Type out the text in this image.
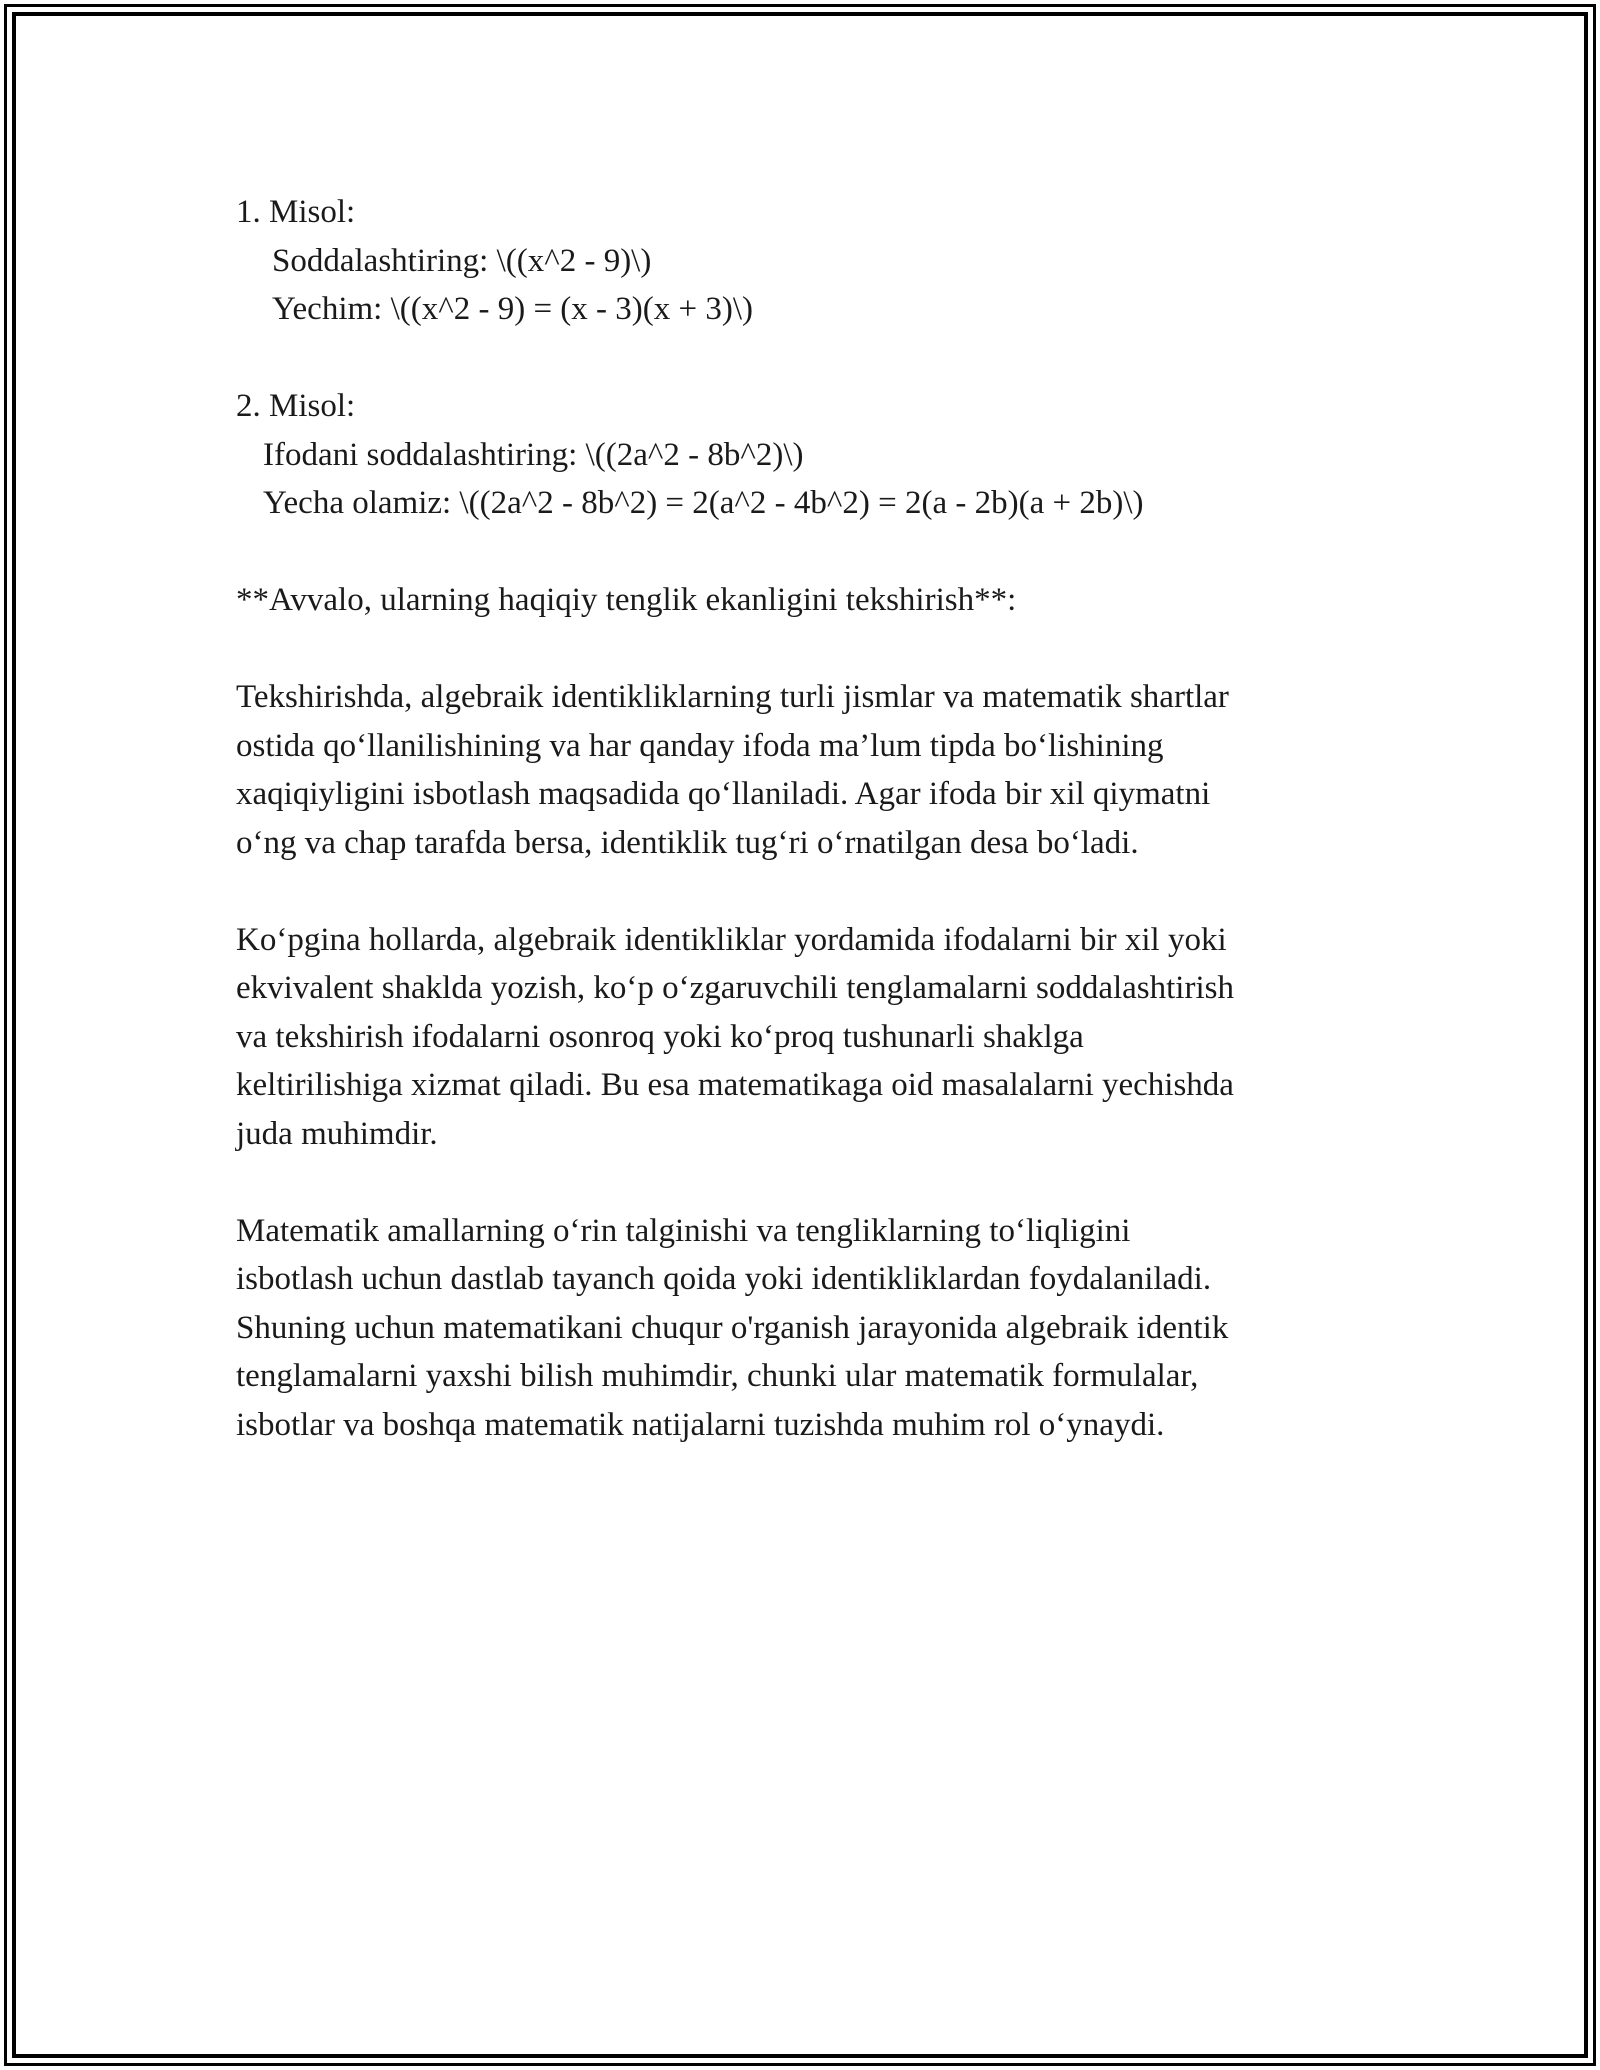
1. Misol:
Soddalashtiring: \((x^2 - 9)\)
Yechim: \((x^2 - 9) = (x - 3)(x + 3)\)
2. Misol:
Ifodani soddalashtiring: \((2a^2 - 8b^2)\)
Yecha olamiz: \((2a^2 - 8b^2) = 2(a^2 - 4b^2) = 2(a - 2b)(a + 2b)\)
**Avvalo, ularning haqiqiy tenglik ekanligini tekshirish**:
Tekshirishda, algebraik identikliklarning turli jismlar va matematik shartlar
ostida qo‘llanilishining va har qanday ifoda ma’lum tipda bo‘lishining
xaqiqiyligini isbotlash maqsadida qo‘llaniladi. Agar ifoda bir xil qiymatni
o‘ng va chap tarafda bersa, identiklik tug‘ri o‘rnatilgan desa bo‘ladi.
Ko‘pgina hollarda, algebraik identikliklar yordamida ifodalarni bir xil yoki
ekvivalent shaklda yozish, ko‘p o‘zgaruvchili tenglamalarni soddalashtirish
va tekshirish ifodalarni osonroq yoki ko‘proq tushunarli shaklga
keltirilishiga xizmat qiladi. Bu esa matematikaga oid masalalarni yechishda
juda muhimdir.
Matematik amallarning o‘rin talginishi va tengliklarning to‘liqligini
isbotlash uchun dastlab tayanch qoida yoki identikliklardan foydalaniladi.
Shuning uchun matematikani chuqur o'rganish jarayonida algebraik identik
tenglamalarni yaxshi bilish muhimdir, chunki ular matematik formulalar,
isbotlar va boshqa matematik natijalarni tuzishda muhim rol o‘ynaydi.
